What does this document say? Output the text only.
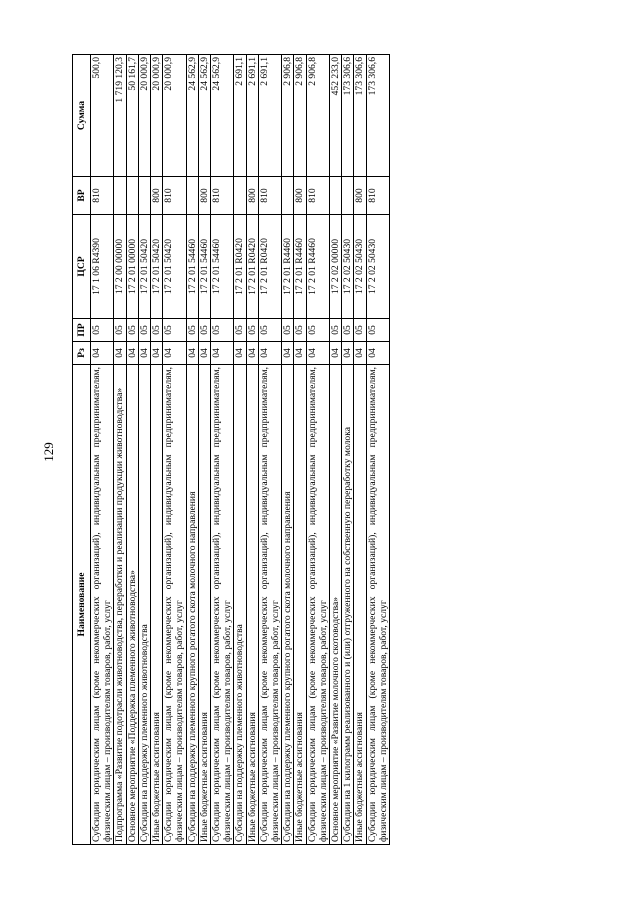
129
Наименование	Рз	ПР	ЦСР	ВР	Сумма
Субсидии юридическим лицам (кроме некоммерческих организаций), индивидуальным предпринимателям, физическим лицам – производителям товаров, работ, услуг	04	05	17 1 06 R4390	810	500,0
Подпрограмма «Развитие подотрасли животноводства, переработки и реализации продукции животноводства»	04	05	17 2 00 00000		1 719 120,3
Основное мероприятие «Поддержка племенного животноводства»	04	05	17 2 01 00000		50 161,7
Субсидии на поддержку племенного животноводства	04	05	17 2 01 50420		20 000,9
Иные бюджетные ассигнования	04	05	17 2 01 50420	800	20 000,9
Субсидии юридическим лицам (кроме некоммерческих организаций), индивидуальным предпринимателям, физическим лицам – производителям товаров, работ, услуг	04	05	17 2 01 50420	810	20 000,9
Субсидии на поддержку племенного крупного рогатого скота молочного направления	04	05	17 2 01 54460		24 562,9
Иные бюджетные ассигнования	04	05	17 2 01 54460	800	24 562,9
Субсидии юридическим лицам (кроме некоммерческих организаций), индивидуальным предпринимателям, физическим лицам – производителям товаров, работ, услуг	04	05	17 2 01 54460	810	24 562,9
Субсидии на поддержку племенного животноводства	04	05	17 2 01 R0420		2 691,1
Иные бюджетные ассигнования	04	05	17 2 01 R0420	800	2 691,1
Субсидии юридическим лицам (кроме некоммерческих организаций), индивидуальным предпринимателям, физическим лицам – производителям товаров, работ, услуг	04	05	17 2 01 R0420	810	2 691,1
Субсидии на поддержку племенного крупного рогатого скота молочного направления	04	05	17 2 01 R4460		2 906,8
Иные бюджетные ассигнования	04	05	17 2 01 R4460	800	2 906,8
Субсидии юридическим лицам (кроме некоммерческих организаций), индивидуальным предпринимателям, физическим лицам – производителям товаров, работ, услуг	04	05	17 2 01 R4460	810	2 906,8
Основное мероприятие «Развитие молочного скотоводства»	04	05	17 2 02 00000		452 233,0
Субсидии на 1 килограмм реализованного и (или) отгруженного на собственную переработку молока	04	05	17 2 02 50430		173 306,6
Иные бюджетные ассигнования	04	05	17 2 02 50430	800	173 306,6
Субсидии юридическим лицам (кроме некоммерческих организаций), индивидуальным предпринимателям, физическим лицам – производителям товаров, работ, услуг	04	05	17 2 02 50430	810	173 306,6
